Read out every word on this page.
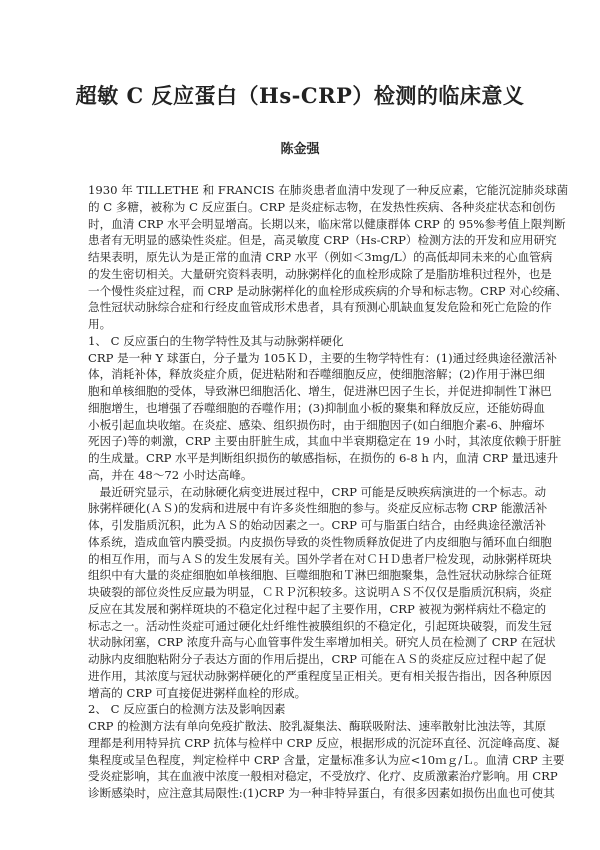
超敏 C 反应蛋白（Hs-CRP）检测的临床意义
陈金强
1930 年 TILLETHE 和 FRANCIS 在肺炎患者血清中发现了一种反应素，它能沉淀肺炎球菌
的 C 多糖，被称为 C 反应蛋白。CRP 是炎症标志物，在发热性疾病、各种炎症状态和创伤
时，血清 CRP 水平会明显增高。长期以来，临床常以健康群体 CRP 的 95%参考值上限判断
患者有无明显的感染性炎症。但是，高灵敏度 CRP（Hs-CRP）检测方法的开发和应用研究
结果表明，原先认为是正常的血清 CRP 水平（例如＜3mg/L）的高低却同未来的心血管病
的发生密切相关。大量研究资料表明，动脉粥样化的血栓形成除了是脂肪堆积过程外，也是
一个慢性炎症过程，而 CRP 是动脉粥样化的血栓形成疾病的介导和标志物。CRP 对心绞痛、
急性冠状动脉综合症和行经皮血管成形术患者，具有预测心肌缺血复发危险和死亡危险的作
用。
1、 C 反应蛋白的生物学特性及其与动脉粥样硬化
CRP 是一种 Y 球蛋白，分子量为 105ＫＤ，主要的生物学特性有：(1)通过经典途径激活补
体，消耗补体，释放炎症介质，促进粘附和吞噬细胞反应，使细胞溶解；(2)作用于淋巴细
胞和单核细胞的受体，导致淋巴细胞活化、增生，促进淋巴因子生长，并促进抑制性Ｔ淋巴
细胞增生，也增强了吞噬细胞的吞噬作用；(3)抑制血小板的聚集和释放反应，还能妨碍血
小板引起血块收缩。在炎症、感染、组织损伤时，由于细胞因子(如白细胞介素-6、肿瘤坏
死因子)等的刺激，CRP 主要由肝脏生成，其血中半衰期稳定在 19 小时，其浓度依赖于肝脏
的生成量。CRP 水平是判断组织损伤的敏感指标，在损伤的 6-8 h 内，血清 CRP 量迅速升
高，并在 48～72 小时达高峰。
　最近研究显示，在动脉硬化病变进展过程中，CRP 可能是反映疾病演进的一个标志。动
脉粥样硬化(ＡＳ)的发病和进展中有许多炎性细胞的参与。炎症反应标志物 CRP 能激活补
体，引发脂质沉积，此为ＡＳ的始动因素之一。CRP 可与脂蛋白结合，由经典途径激活补
体系统，造成血管内膜受损。内皮损伤导致的炎性物质释放促进了内皮细胞与循环血白细胞
的相互作用，而与ＡＳ的发生发展有关。国外学者在对ＣＨＤ患者尸检发现，动脉粥样斑块
组织中有大量的炎症细胞如单核细胞、巨噬细胞和Ｔ淋巴细胞聚集，急性冠状动脉综合征斑
块破裂的部位炎性反应最为明显，ＣＲＰ沉积较多。这说明ＡＳ不仅仅是脂质沉积病，炎症
反应在其发展和粥样斑块的不稳定化过程中起了主要作用，CRP 被视为粥样病灶不稳定的
标志之一。活动性炎症可通过硬化灶纤维性被膜组织的不稳定化，引起斑块破裂，而发生冠
状动脉闭塞，CRP 浓度升高与心血管事件发生率增加相关。研究人员在检测了 CRP 在冠状
动脉内皮细胞粘附分子表达方面的作用后提出，CRP 可能在ＡＳ的炎症反应过程中起了促
进作用，其浓度与冠状动脉粥样硬化的严重程度呈正相关。更有相关报告指出，因各种原因
增高的 CRP 可直接促进粥样血栓的形成。
2、 C 反应蛋白的检测方法及影响因素
CRP 的检测方法有单向免疫扩散法、胶乳凝集法、酶联吸附法、速率散射比浊法等，其原
理都是利用特异抗 CRP 抗体与检样中 CRP 反应，根据形成的沉淀环直径、沉淀峰高度、凝
集程度或呈色程度，判定检样中 CRP 含量，定量标准多认为应<10ｍｇ/Ｌ。血清 CRP 主要
受炎症影响，其在血液中浓度一般相对稳定，不受放疗、化疗、皮质激素治疗影响。用 CRP
诊断感染时，应注意其局限性:(1)CRP 为一种非特异蛋白，有很多因素如损伤出血也可使其
